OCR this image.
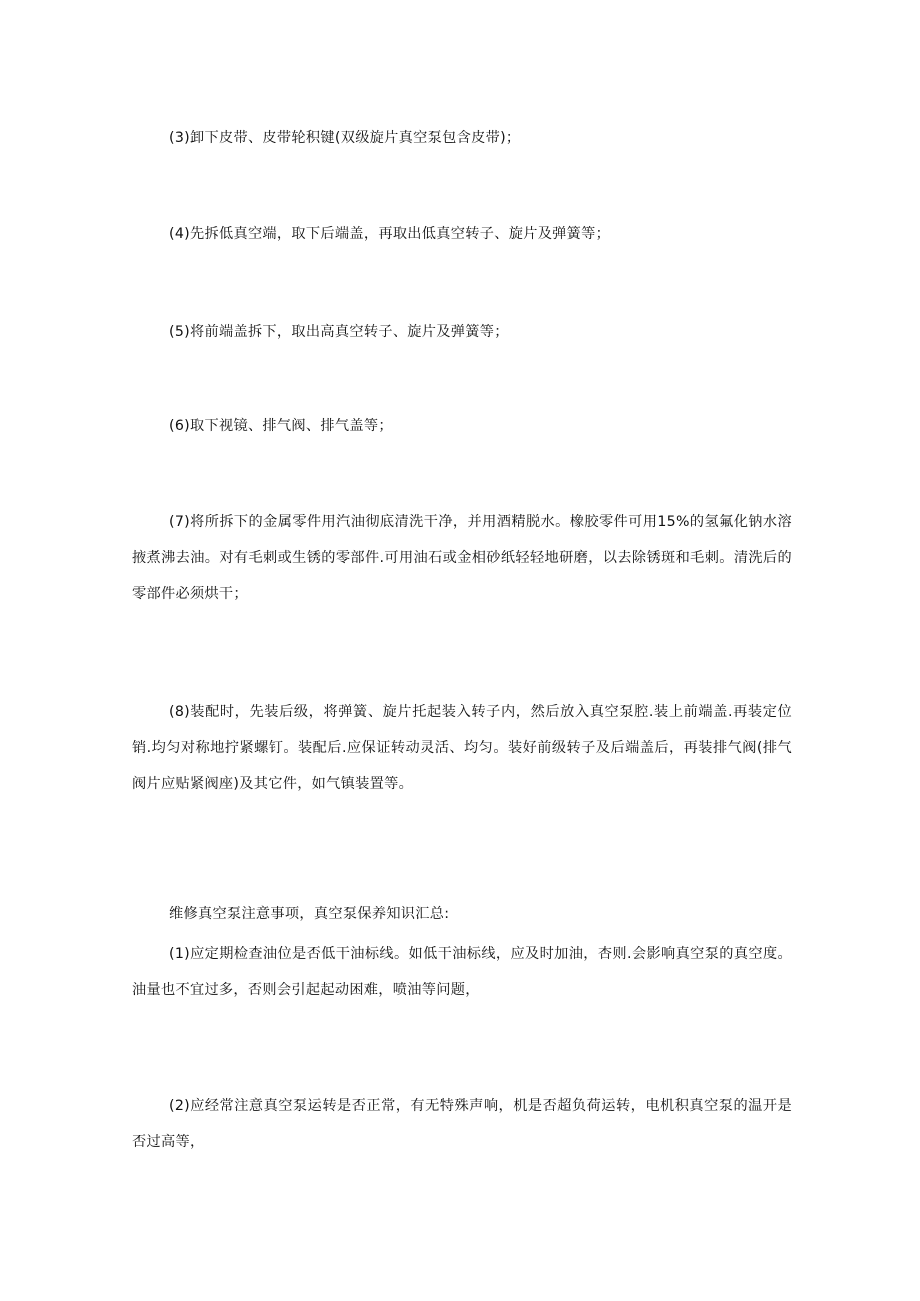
(3)卸下皮带、皮带轮积键(双级旋片真空泵包含皮带)；

(4)先拆低真空端，取下后端盖，再取出低真空转子、旋片及弹簧等；

(5)将前端盖拆下，取出高真空转子、旋片及弹簧等；

(6)取下视镜、排气阀、排气盖等；

(7)将所拆下的金属零件用汽油彻底清洗干净，并用酒精脱水。橡胶零件可用15%的氢氟化钠水溶掖煮沸去油。对有毛刺或生锈的零部件.可用油石或金相砂纸轻轻地研磨，以去除锈斑和毛刺。清洗后的零部件必须烘干；

(8)装配时，先装后级，将弹簧、旋片托起装入转子内，然后放入真空泵腔.装上前端盖.再装定位销.均匀对称地拧紧螺钉。装配后.应保证转动灵活、均匀。装好前级转子及后端盖后，再装排气阀(排气阀片应贴紧阀座)及其它件，如气镇装置等。

维修真空泵注意事项，真空泵保养知识汇总:

(1)应定期检查油位是否低干油标线。如低干油标线，应及时加油，杏则.会影响真空泵的真空度。油量也不宜过多，否则会引起起动困难，喷油等问题，

(2)应经常注意真空泵运转是否正常，有无特殊声响，机是否超负荷运转，电机积真空泵的温开是否过高等，
